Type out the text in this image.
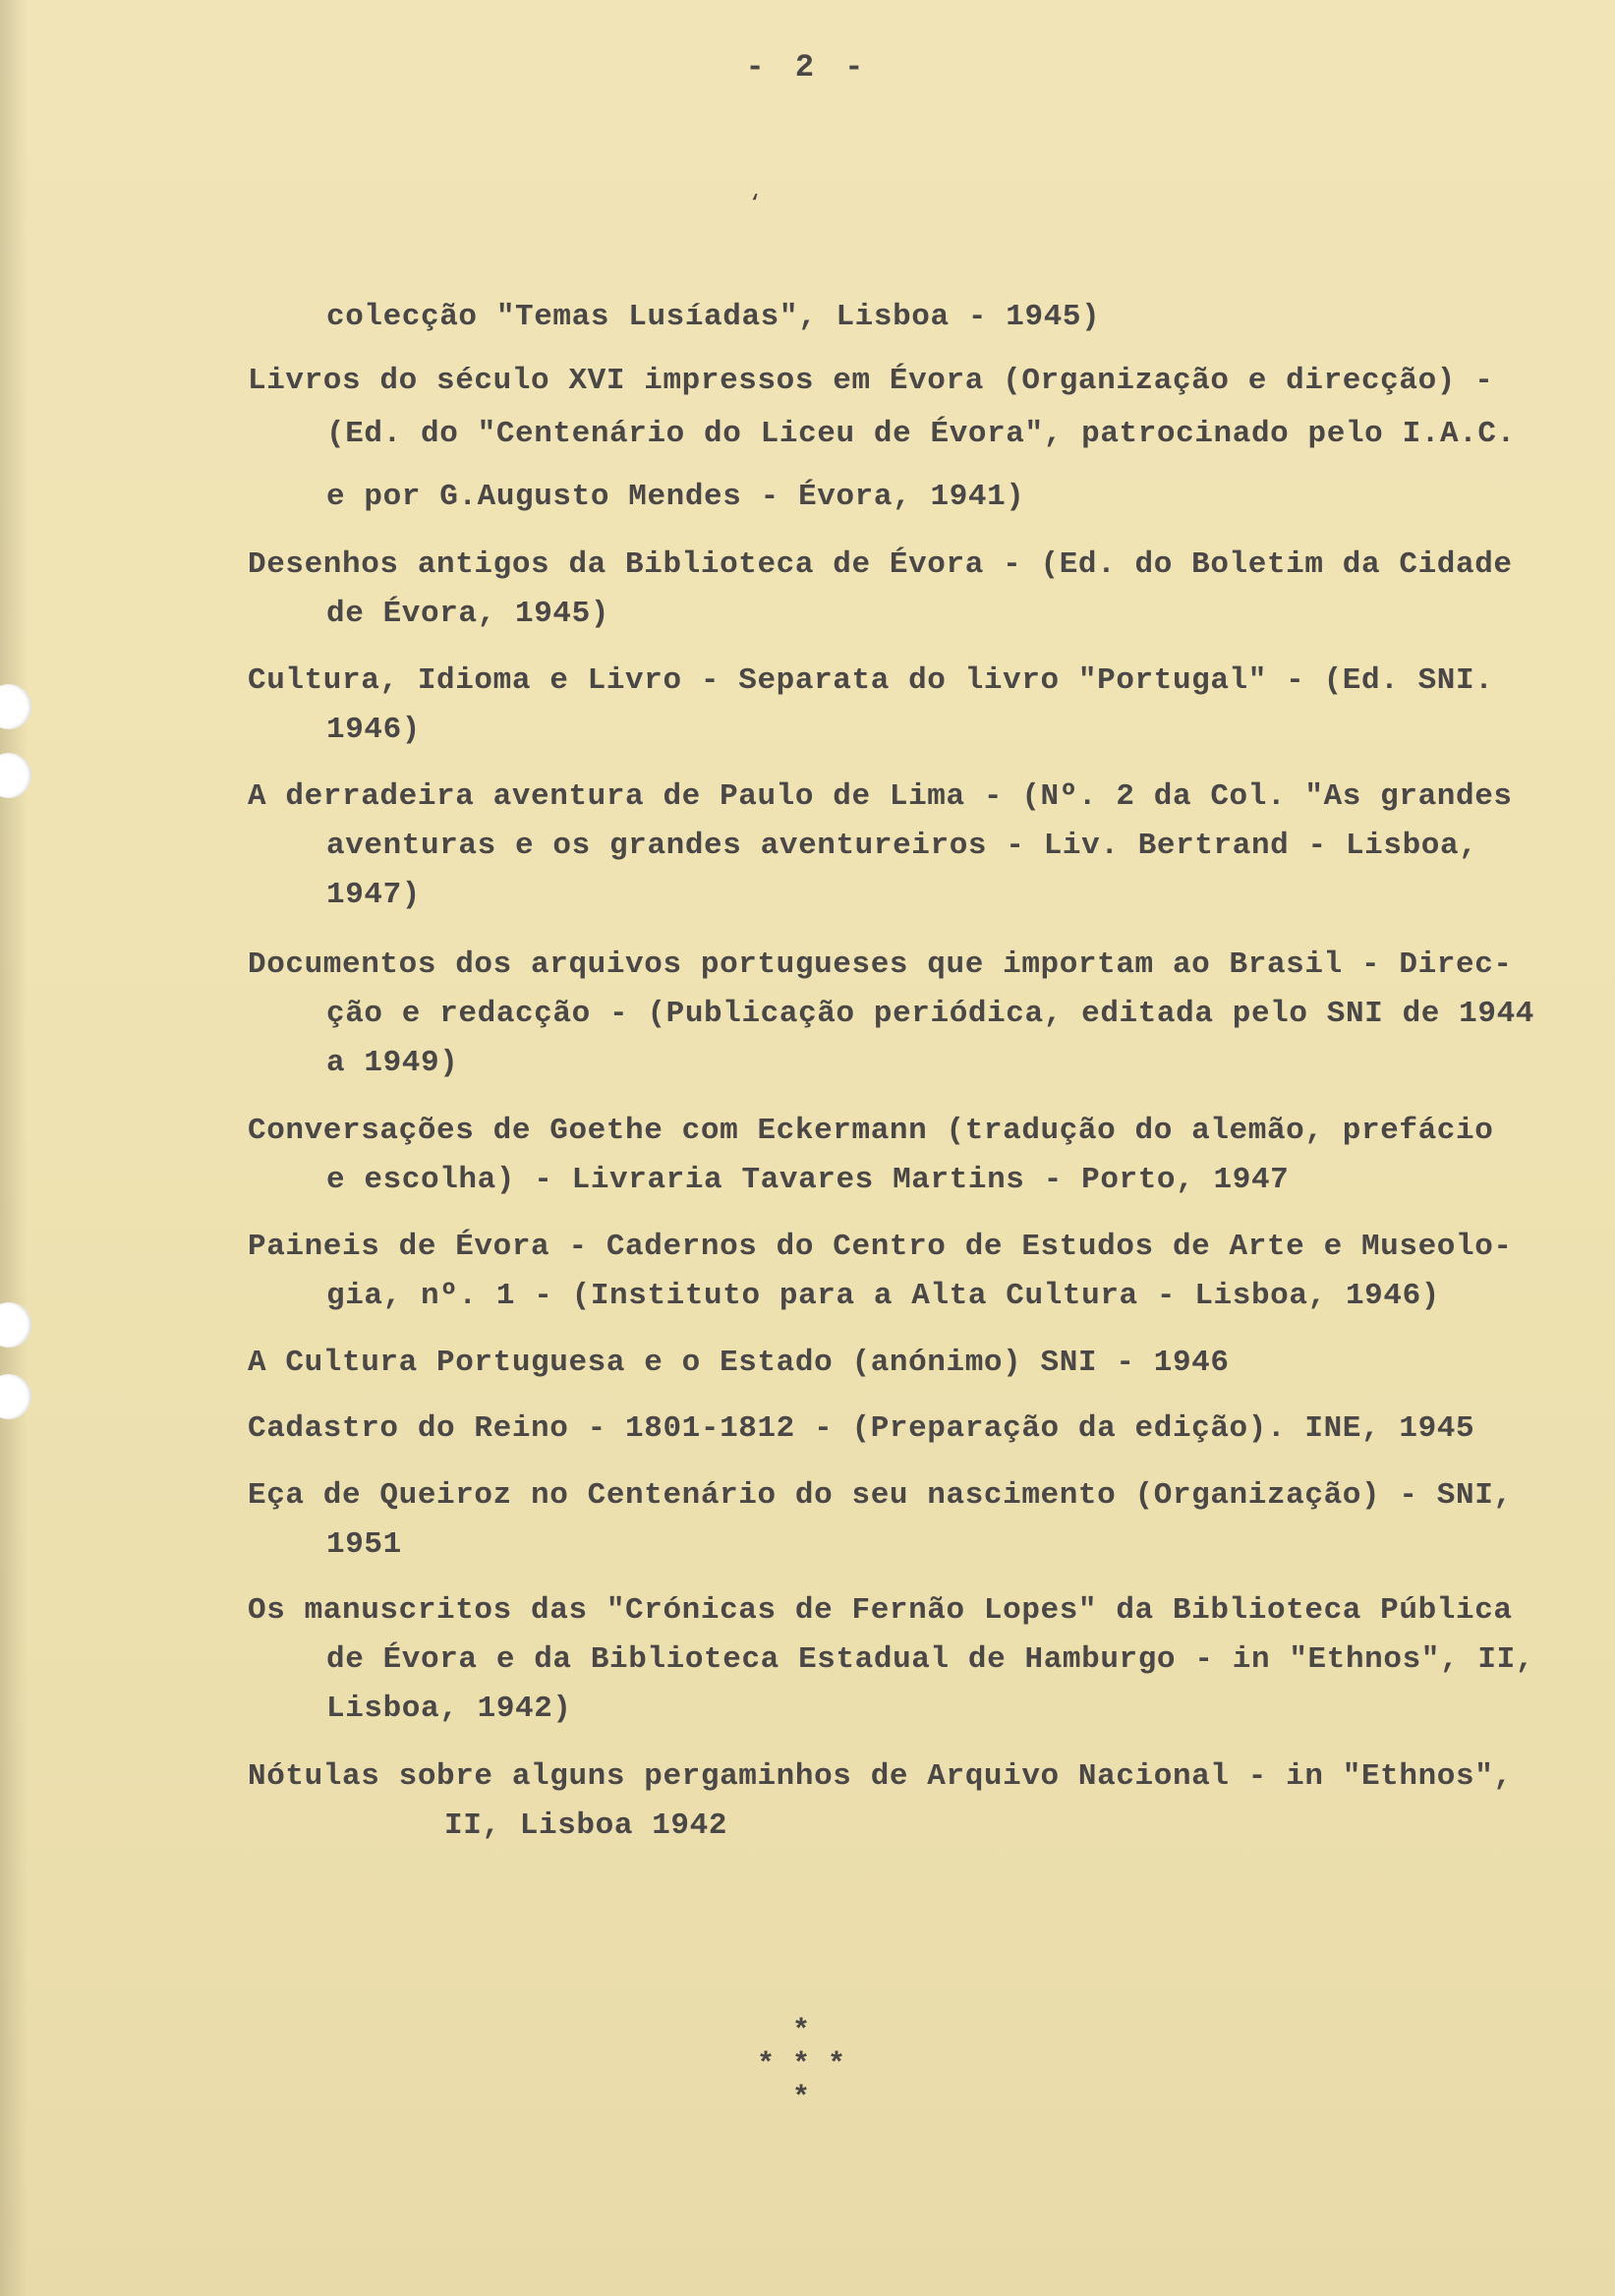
- 2 -
‘

colecção "Temas Lusíadas", Lisboa - 1945)

Livros do século XVI impressos em Évora (Organização e direcção) -

(Ed. do "Centenário do Liceu de Évora", patrocinado pelo I.A.C.

e por G.Augusto Mendes - Évora, 1941)

Desenhos antigos da Biblioteca de Évora - (Ed. do Boletim da Cidade
de Évora, 1945)

Cultura, Idioma e Livro - Separata do livro "Portugal" - (Ed. SNI.
1946)

A derradeira aventura de Paulo de Lima - (Nº. 2 da Col. "As grandes
aventuras e os grandes aventureiros - Liv. Bertrand - Lisboa,
1947)

Documentos dos arquivos portugueses que importam ao Brasil - Direc-
ção e redacção - (Publicação periódica, editada pelo SNI de 1944
a 1949)

Conversações de Goethe com Eckermann (tradução do alemão, prefácio
e escolha) - Livraria Tavares Martins - Porto, 1947

Paineis de Évora - Cadernos do Centro de Estudos de Arte e Museolo-
gia, nº. 1 - (Instituto para a Alta Cultura - Lisboa, 1946)

A Cultura Portuguesa e o Estado (anónimo) SNI - 1946

Cadastro do Reino - 1801-1812 - (Preparação da edição). INE, 1945

Eça de Queiroz no Centenário do seu nascimento (Organização) - SNI,
1951

Os manuscritos das "Crónicas de Fernão Lopes" da Biblioteca Pública
de Évora e da Biblioteca Estadual de Hamburgo - in "Ethnos", II,
Lisboa, 1942)

Nótulas sobre alguns pergaminhos de Arquivo Nacional - in "Ethnos",

II, Lisboa 1942

*
* * *
*
